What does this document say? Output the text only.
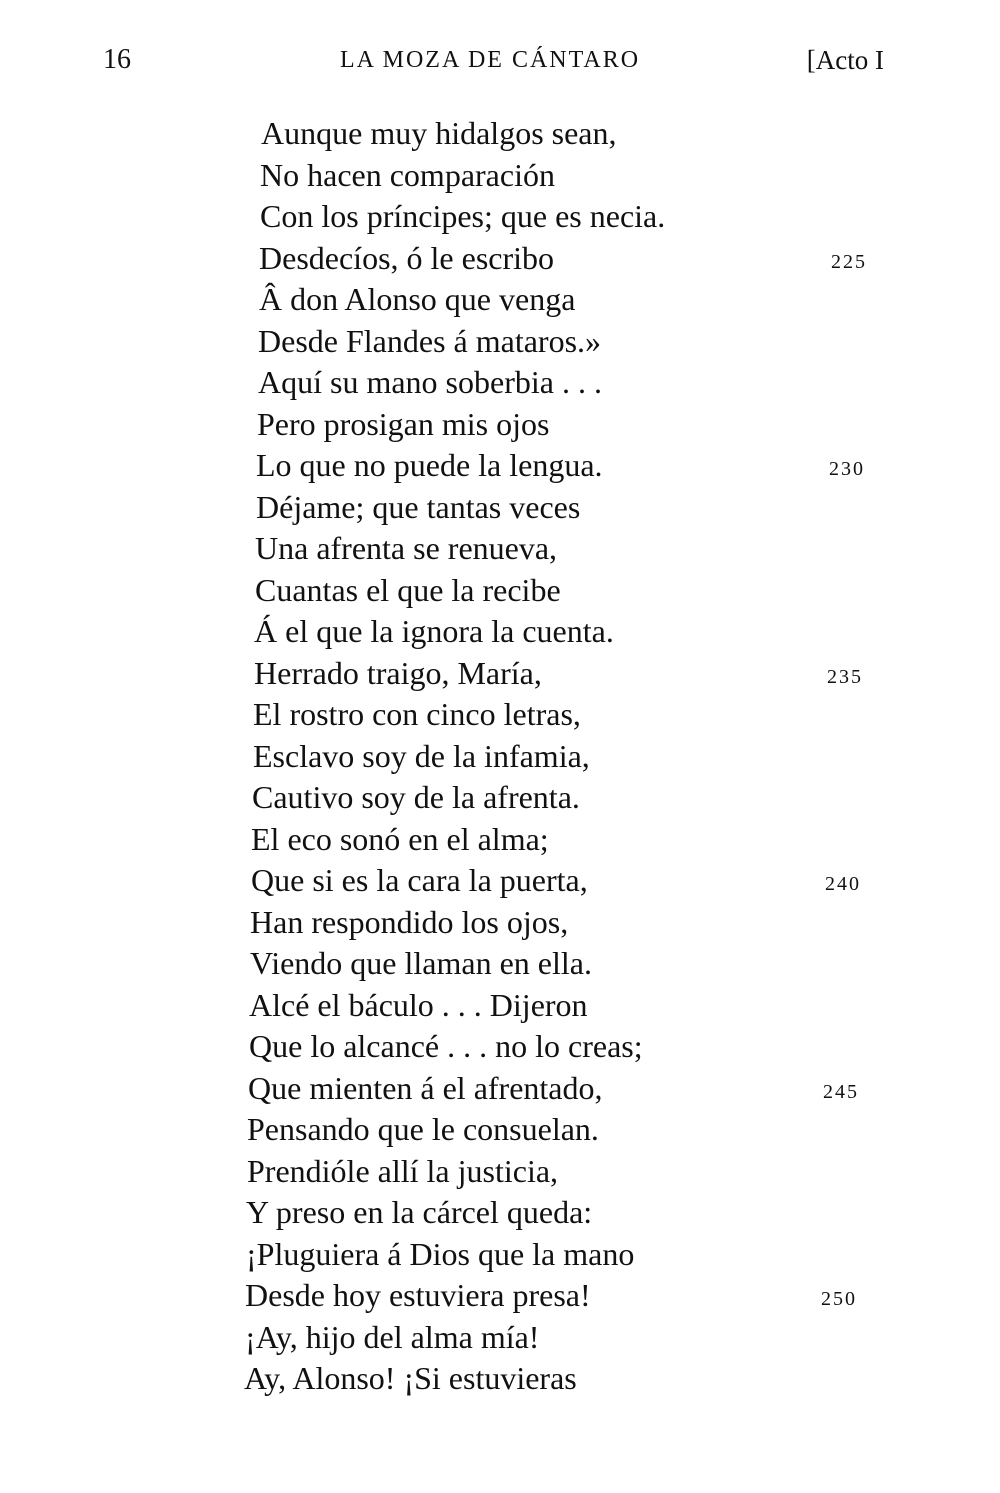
16	LA MOZA DE CÁNTARO	[Acto I
Aunque muy hidalgos sean,
No hacen comparación
Con los príncipes; que es necia.
Desdecíos, ó le escribo	225
Â don Alonso que venga
Desde Flandes á mataros.»
Aquí su mano soberbia . . .
Pero prosigan mis ojos
Lo que no puede la lengua.	230
Déjame; que tantas veces
Una afrenta se renueva,
Cuantas el que la recibe
Á el que la ignora la cuenta.
Herrado traigo, María,	235
El rostro con cinco letras,
Esclavo soy de la infamia,
Cautivo soy de la afrenta.
El eco sonó en el alma;
Que si es la cara la puerta,	240
Han respondido los ojos,
Viendo que llaman en ella.
Alcé el báculo . . . Dijeron
Que lo alcancé . . . no lo creas;
Que mienten á el afrentado,	245
Pensando que le consuelan.
Prendióle allí la justicia,
Y preso en la cárcel queda:
¡Pluguiera á Dios que la mano
Desde hoy estuviera presa!	250
¡Ay, hijo del alma mía!
Ay, Alonso! ¡Si estuvieras
